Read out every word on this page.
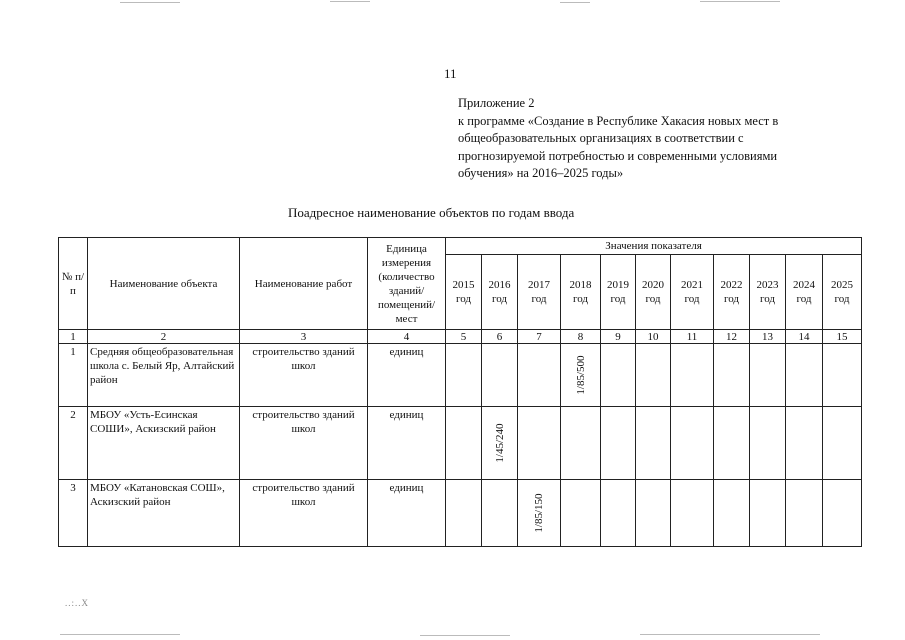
11
Приложение 2
к программе «Создание в Республике Хакасия новых мест в
общеобразовательных организациях в соответствии с
прогнозируемой потребностью и современными условиями
обучения» на 2016–2025 годы»
Поадресное наименование объектов по годам ввода
№ п/п	Наименование объекта	Наименование работ	Единица измерения (количество зданий/ помещений/ мест	Значения показателя										
				2015 год	2016 год	2017 год	2018 год	2019 год	2020 год	2021 год	2022 год	2023 год	2024 год	2025 год
1	2	3	4	5	6	7	8	9	10	11	12	13	14	15
1	Средняя общеобразовательная школа с. Белый Яр, Алтайский район	строительство зданий школ	единиц				1/85/500							

2	МБОУ «Усть-Есинская СОШИ», Аскизский район	строительство зданий школ	единиц		1/45/240									

3	МБОУ «Катановская СОШ», Аскизский район	строительство зданий школ	единиц			1/85/150								

..:..X
